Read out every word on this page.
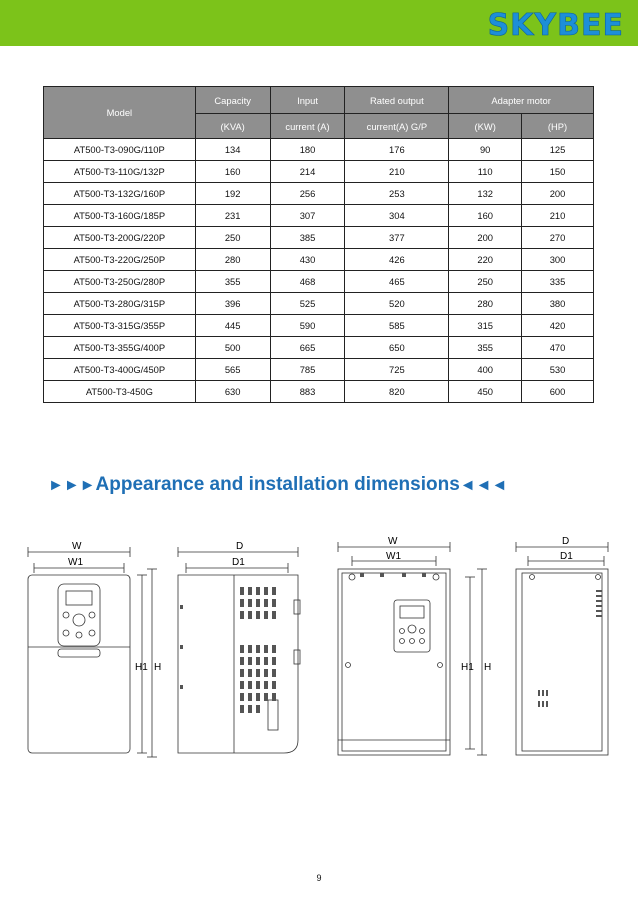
SKYBEE
Model	Capacity	Input	Rated output	Adapter motor	
	(KVA)	current (A)	current(A) G/P	(KW)	(HP)
AT500-T3-090G/110P	134	180	176	90	125
AT500-T3-110G/132P	160	214	210	110	150
AT500-T3-132G/160P	192	256	253	132	200
AT500-T3-160G/185P	231	307	304	160	210
AT500-T3-200G/220P	250	385	377	200	270
AT500-T3-220G/250P	280	430	426	220	300
AT500-T3-250G/280P	355	468	465	250	335
AT500-T3-280G/315P	396	525	520	280	380
AT500-T3-315G/355P	445	590	585	315	420
AT500-T3-355G/400P	500	665	650	355	470
AT500-T3-400G/450P	565	785	725	400	530
AT500-T3-450G	630	883	820	450	600
►►►Appearance and installation dimensions◄◄◄
W
W1
H1 H
D
D1
W
W1
H1 H
D
D1
9
